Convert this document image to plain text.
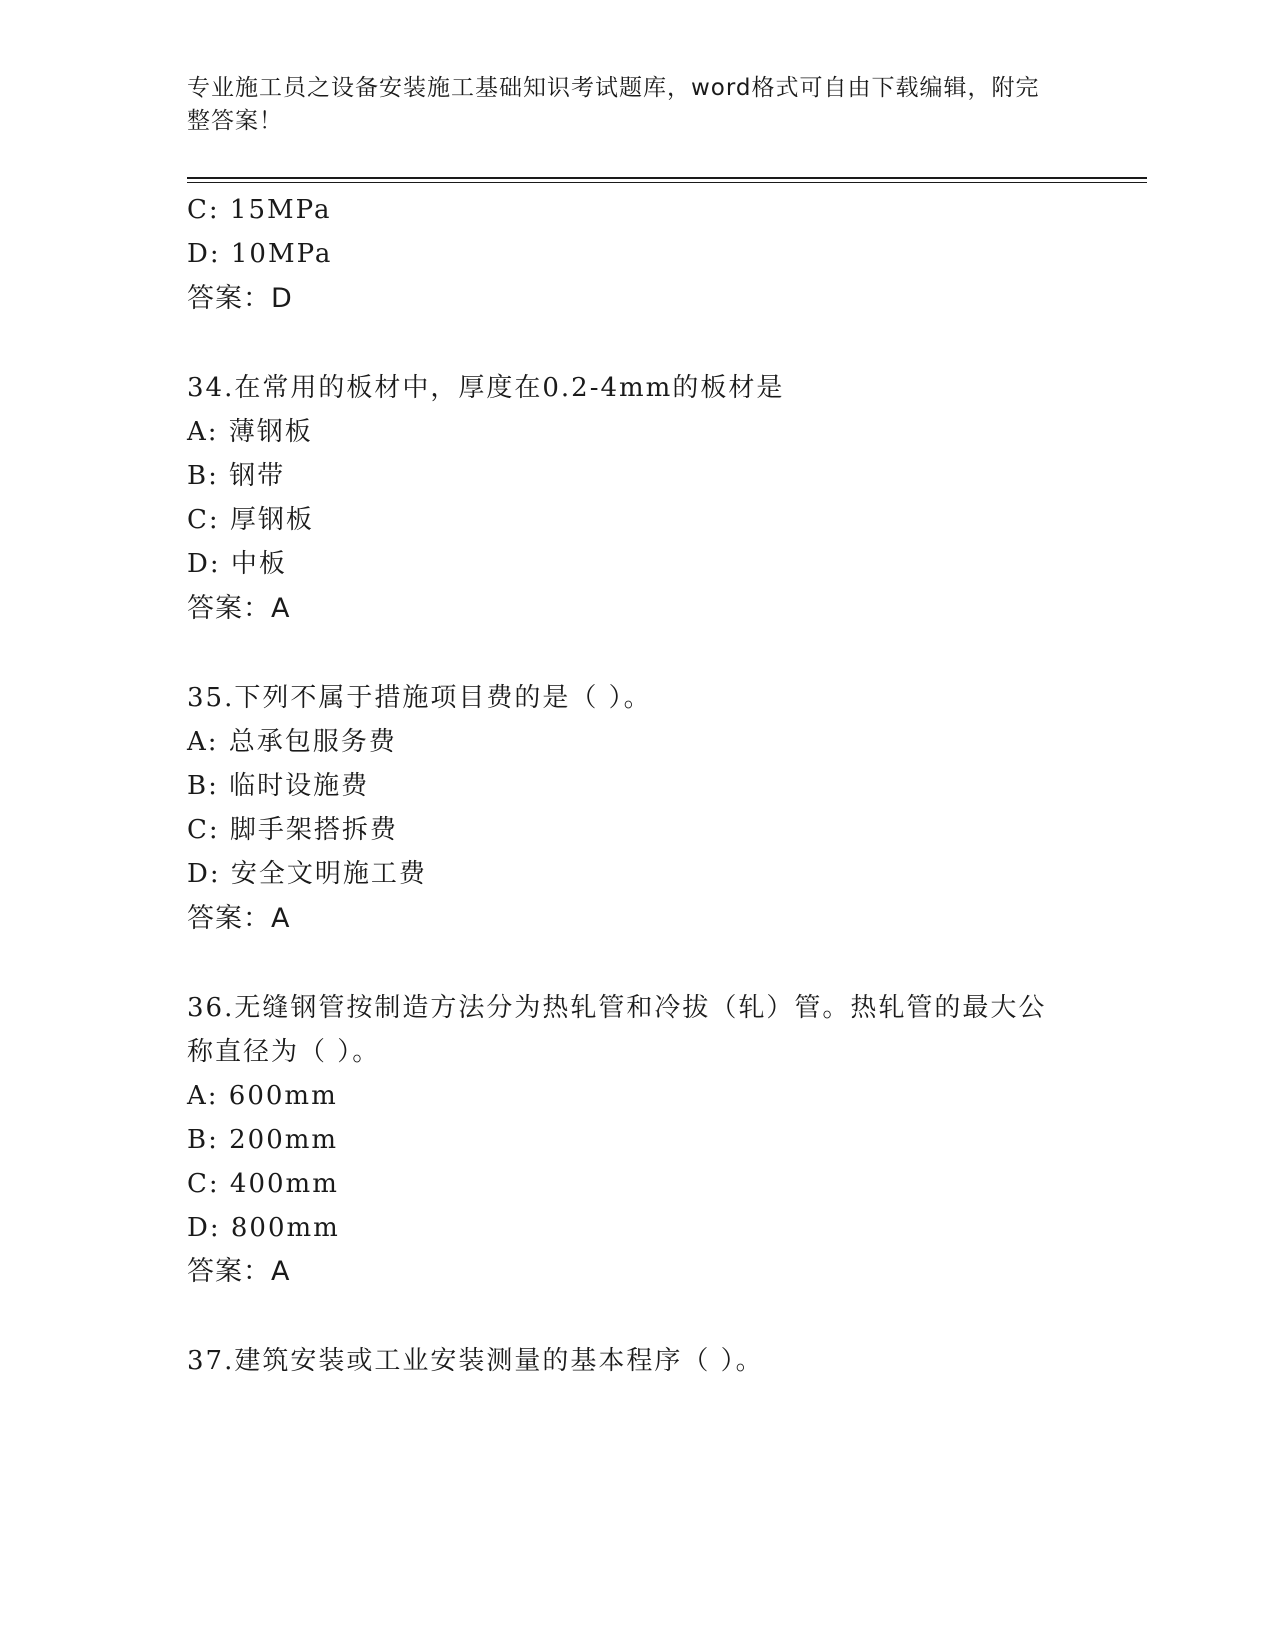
专业施工员之设备安装施工基础知识考试题库，word格式可自由下载编辑，附完
整答案！
C: 15MPa
D: 10MPa
答案：D
34.在常用的板材中，厚度在0.2-4mm的板材是
A: 薄钢板
B: 钢带
C: 厚钢板
D: 中板
答案：A
35.下列不属于措施项目费的是（ ）。
A: 总承包服务费
B: 临时设施费
C: 脚手架搭拆费
D: 安全文明施工费
答案：A
36.无缝钢管按制造方法分为热轧管和冷拔（轧）管。热轧管的最大公
称直径为（ ）。
A: 600mm
B: 200mm
C: 400mm
D: 800mm
答案：A
37.建筑安装或工业安装测量的基本程序（ ）。
